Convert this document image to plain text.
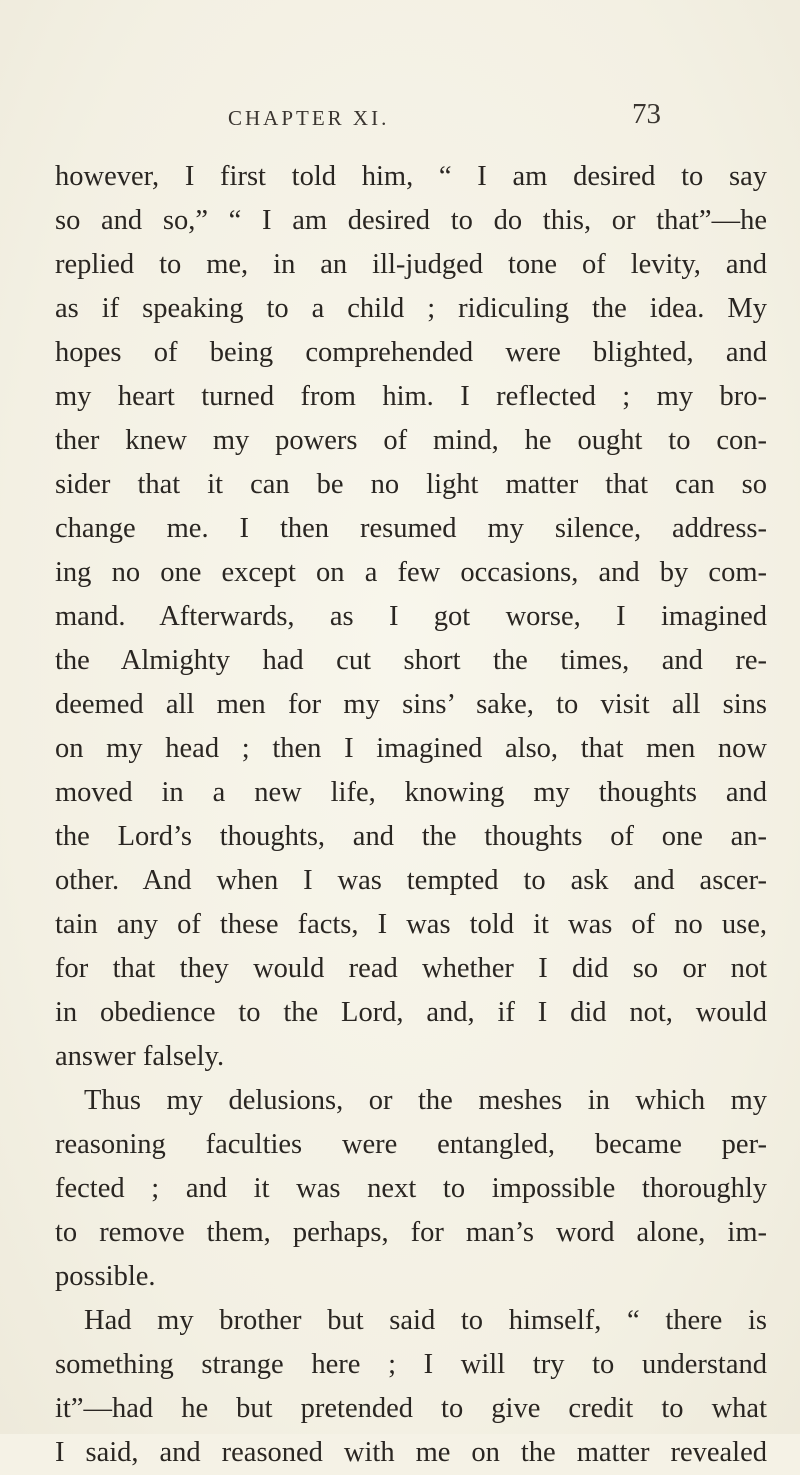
CHAPTER XI.	73
however, I first told him, “ I am desired to say
so and so,” “ I am desired to do this, or that”—he
replied to me, in an ill-judged tone of levity, and
as if speaking to a child ; ridiculing the idea. My
hopes of being comprehended were blighted, and
my heart turned from him. I reflected ; my bro-
ther knew my powers of mind, he ought to con-
sider that it can be no light matter that can so
change me. I then resumed my silence, address-
ing no one except on a few occasions, and by com-
mand. Afterwards, as I got worse, I imagined
the Almighty had cut short the times, and re-
deemed all men for my sins’ sake, to visit all sins
on my head ; then I imagined also, that men now
moved in a new life, knowing my thoughts and
the Lord’s thoughts, and the thoughts of one an-
other. And when I was tempted to ask and ascer-
tain any of these facts, I was told it was of no use,
for that they would read whether I did so or not
in obedience to the Lord, and, if I did not, would
answer falsely.
Thus my delusions, or the meshes in which my
reasoning faculties were entangled, became per-
fected ; and it was next to impossible thoroughly
to remove them, perhaps, for man’s word alone, im-
possible.
Had my brother but said to himself, “ there is
something strange here ; I will try to understand
it”—had he but pretended to give credit to what
I said, and reasoned with me on the matter revealed
